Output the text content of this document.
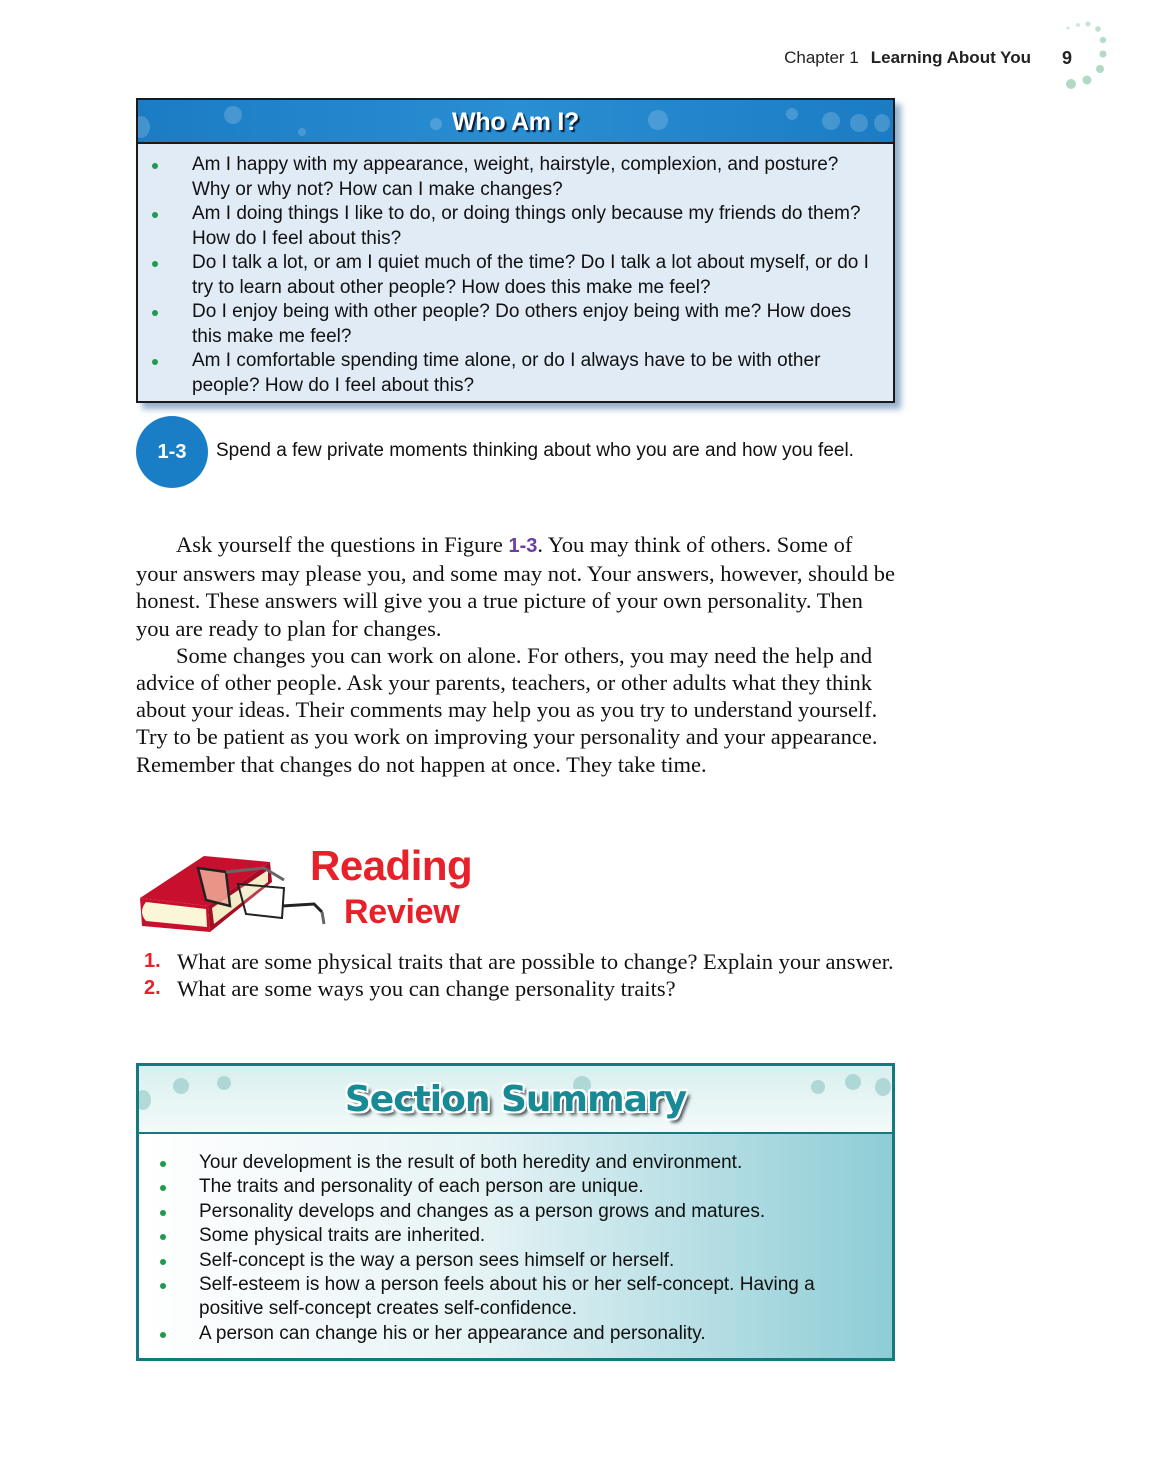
Chapter 1 Learning About You 9
Who Am I?
Am I happy with my appearance, weight, hairstyle, complexion, and posture? Why or why not? How can I make changes?
Am I doing things I like to do, or doing things only because my friends do them? How do I feel about this?
Do I talk a lot, or am I quiet much of the time? Do I talk a lot about myself, or do I try to learn about other people? How does this make me feel?
Do I enjoy being with other people? Do others enjoy being with me? How does this make me feel?
Am I comfortable spending time alone, or do I always have to be with other people? How do I feel about this?
1-3	Spend a few private moments thinking about who you are and how you feel.

Ask yourself the questions in Figure 1-3. You may think of others. Some of your answers may please you, and some may not. Your answers, however, should be honest. These answers will give you a true picture of your own personality. Then you are ready to plan for changes.

Some changes you can work on alone. For others, you may need the help and advice of other people. Ask your parents, teachers, or other adults what they think about your ideas. Their comments may help you as you try to understand yourself. Try to be patient as you work on improving your personality and your appearance. Remember that changes do not happen at once. They take time.

Reading
Review
1. What are some physical traits that are possible to change? Explain your answer.
2. What are some ways you can change personality traits?
Section Summary
Your development is the result of both heredity and environment.
The traits and personality of each person are unique.
Personality develops and changes as a person grows and matures.
Some physical traits are inherited.
Self-concept is the way a person sees himself or herself.
Self-esteem is how a person feels about his or her self-concept. Having a positive self-concept creates self-confidence.
A person can change his or her appearance and personality.
